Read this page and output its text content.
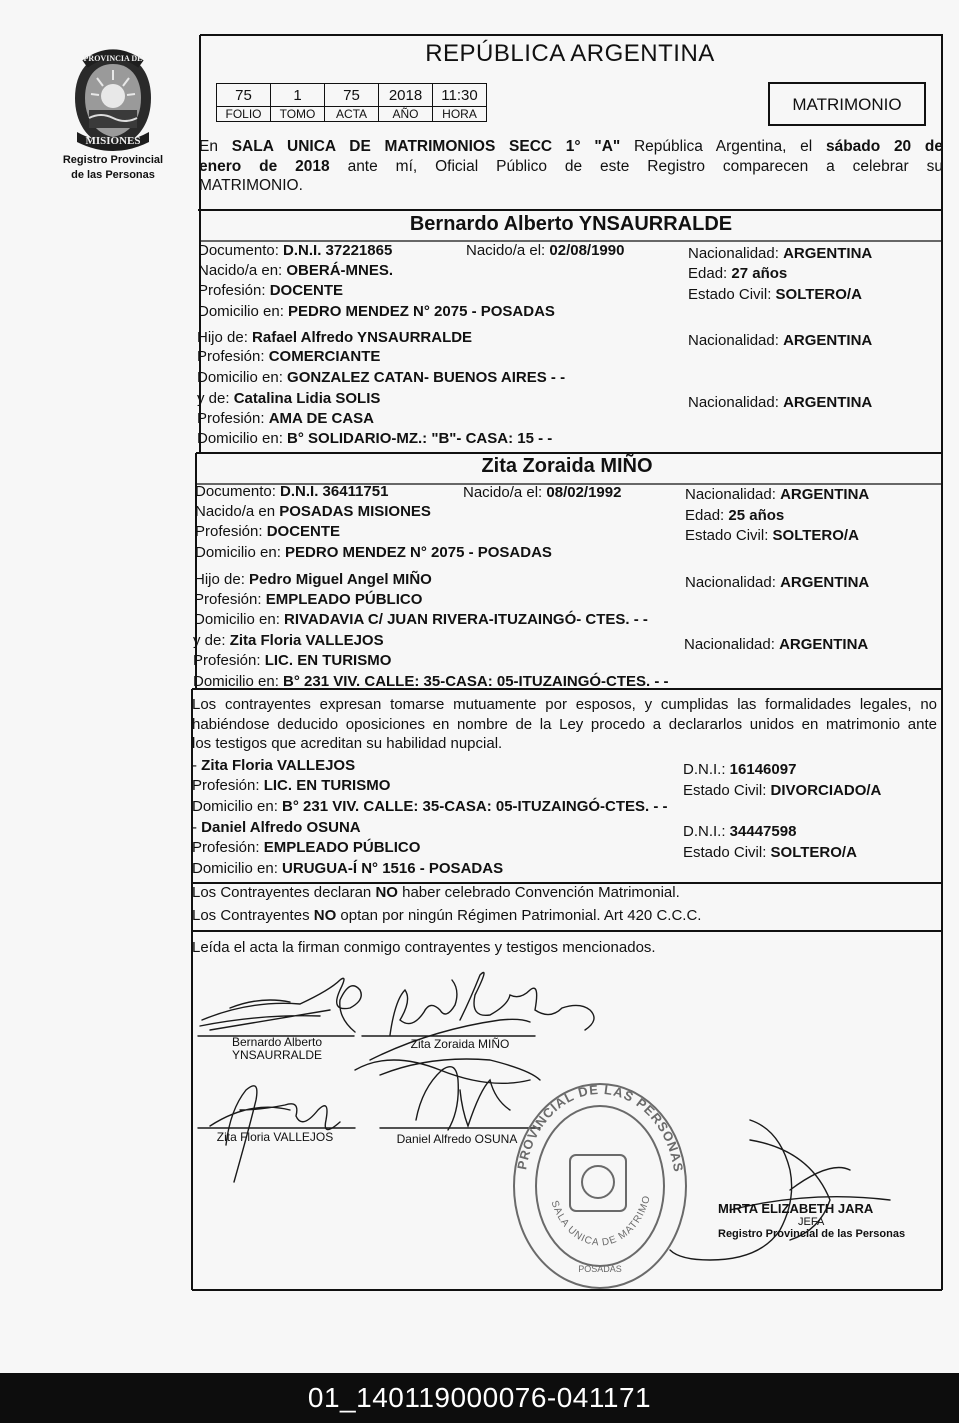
MISIONES
PROVINCIA DE
Registro Provincial
de las Personas
REPÚBLICA ARGENTINA
75	1	75	2018	11:30
FOLIO	TOMO	ACTA	AÑO	HORA	MATRIMONIO
En SALA UNICA DE MATRIMONIOS SECC 1° "A" República Argentina, el sábado 20 de
enero de 2018 ante mí, Oficial Público de este Registro comparecen a celebrar su
MATRIMONIO.
Bernardo Alberto YNSAURRALDE
Documento: D.N.I. 37221865	Nacido/a el: 02/08/1990	Nacionalidad: ARGENTINA
Nacido/a en: OBERÁ-MNES.	Edad: 27 años
Profesión: DOCENTE	Estado Civil: SOLTERO/A
Domicilio en: PEDRO MENDEZ N° 2075 - POSADAS
Hijo de: Rafael Alfredo YNSAURRALDE	Nacionalidad: ARGENTINA
Profesión: COMERCIANTE
Domicilio en: GONZALEZ CATAN- BUENOS AIRES - -
y de: Catalina Lidia SOLIS	Nacionalidad: ARGENTINA
Profesión: AMA DE CASA
Domicilio en: B° SOLIDARIO-MZ.: "B"- CASA: 15 - -
Zita Zoraida MIÑO
Documento: D.N.I. 36411751	Nacido/a el: 08/02/1992	Nacionalidad: ARGENTINA
Nacido/a en POSADAS MISIONES	Edad: 25 años
Profesión: DOCENTE	Estado Civil: SOLTERO/A
Domicilio en: PEDRO MENDEZ N° 2075 - POSADAS
Hijo de: Pedro Miguel Angel MIÑO	Nacionalidad: ARGENTINA
Profesión: EMPLEADO PÚBLICO
Domicilio en: RIVADAVIA C/ JUAN RIVERA-ITUZAINGÓ- CTES. - -
y de: Zita Floria VALLEJOS	Nacionalidad: ARGENTINA
Profesión: LIC. EN TURISMO
Domicilio en: B° 231 VIV. CALLE: 35-CASA: 05-ITUZAINGÓ-CTES. - -
Los contrayentes expresan tomarse mutuamente por esposos, y cumplidas las formalidades legales, no
habiéndose deducido oposiciones en nombre de la Ley procedo a declararlos unidos en matrimonio ante
los testigos que acreditan su habilidad nupcial.
- Zita Floria VALLEJOS	D.N.I.: 16146097
Profesión: LIC. EN TURISMO	Estado Civil: DIVORCIADO/A
Domicilio en: B° 231 VIV. CALLE: 35-CASA: 05-ITUZAINGÓ-CTES. - -
- Daniel Alfredo OSUNA	D.N.I.: 34447598
Profesión: EMPLEADO PÚBLICO	Estado Civil: SOLTERO/A
Domicilio en: URUGUA-Í N° 1516 - POSADAS
Los Contrayentes declaran NO haber celebrado Convención Matrimonial.
Los Contrayentes NO optan por ningún Régimen Patrimonial. Art 420 C.C.C.
Leída el acta la firman conmigo contrayentes y testigos mencionados.
PROVINCIAL DE LAS PERSONAS
SALA UNICA DE MATRIMO
POSADAS
Bernardo Alberto
YNSAURRALDE
Zita Zoraida MIÑO
Zita Floria VALLEJOS	Daniel Alfredo OSUNA
MIRTA ELIZABETH JARA
JEFA
Registro Provincial de las Personas
01_140119000076-041171
